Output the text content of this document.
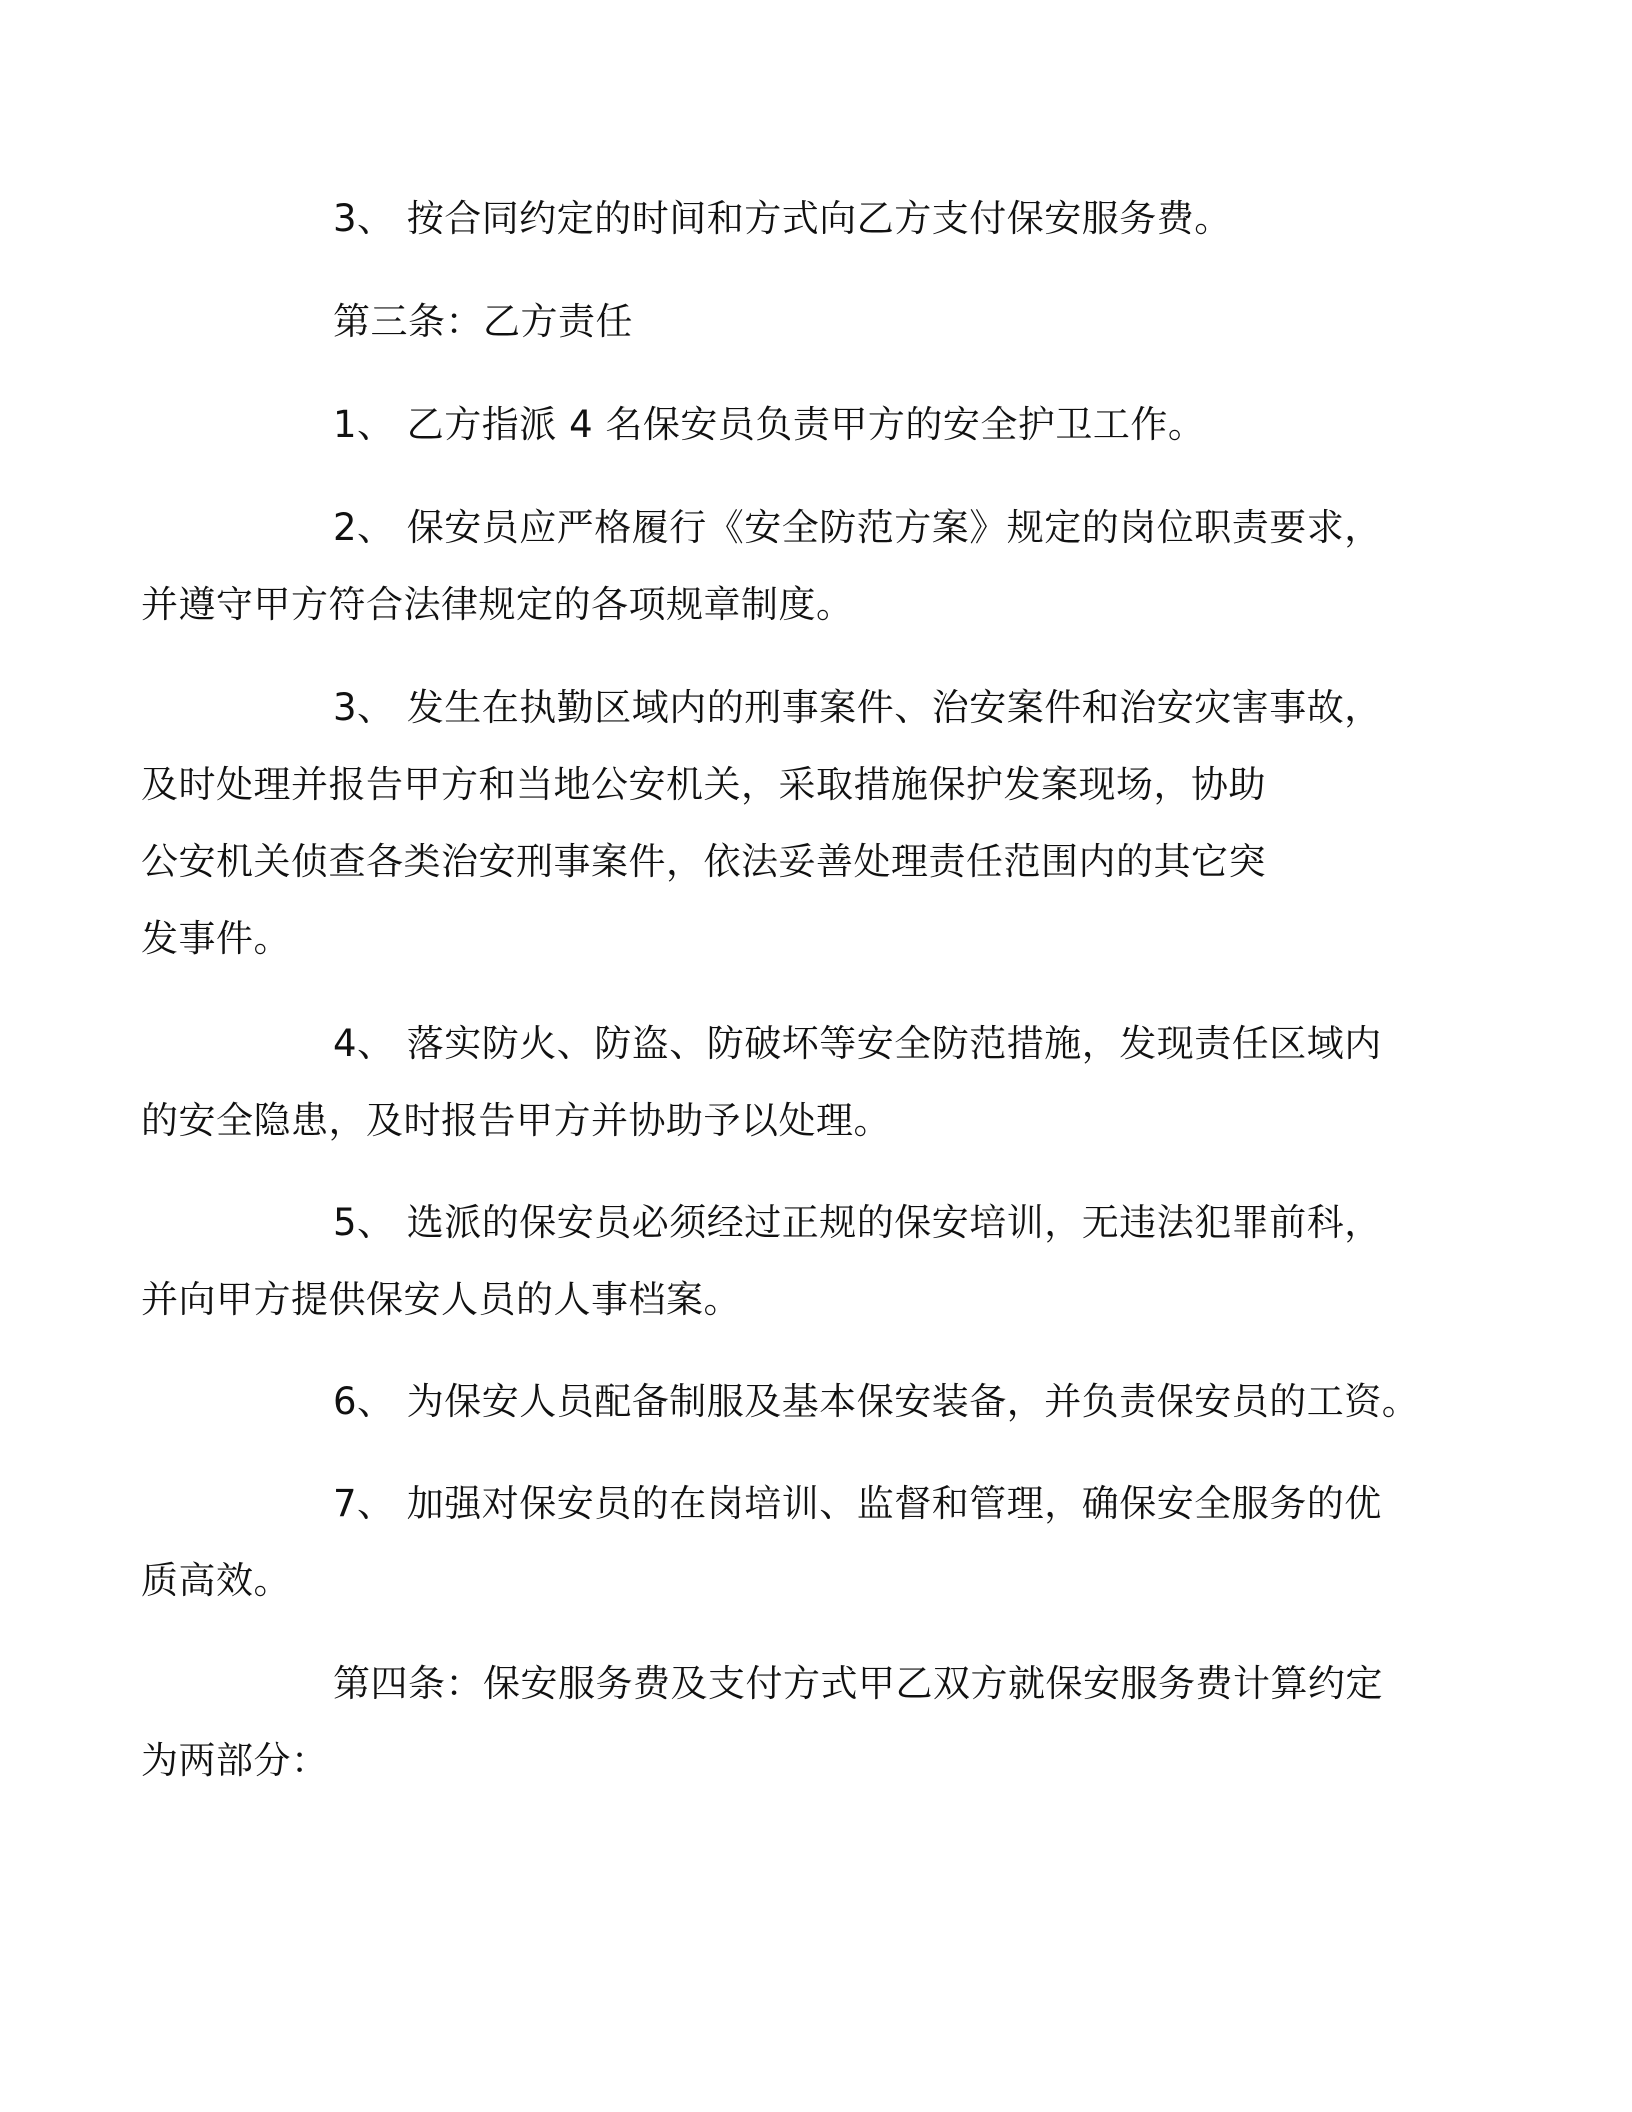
3、 按合同约定的时间和方式向乙方支付保安服务费。

第三条：乙方责任

1、 乙方指派 4 名保安员负责甲方的安全护卫工作。

2、 保安员应严格履行《安全防范方案》规定的岗位职责要求，
并遵守甲方符合法律规定的各项规章制度。

3、 发生在执勤区域内的刑事案件、治安案件和治安灾害事故，
及时处理并报告甲方和当地公安机关，采取措施保护发案现场，协助
公安机关侦查各类治安刑事案件，依法妥善处理责任范围内的其它突
发事件。

4、 落实防火、防盗、防破坏等安全防范措施，发现责任区域内
的安全隐患，及时报告甲方并协助予以处理。

5、 选派的保安员必须经过正规的保安培训，无违法犯罪前科，
并向甲方提供保安人员的人事档案。

6、 为保安人员配备制服及基本保安装备，并负责保安员的工资。

7、 加强对保安员的在岗培训、监督和管理，确保安全服务的优
质高效。

第四条：保安服务费及支付方式甲乙双方就保安服务费计算约定
为两部分：
